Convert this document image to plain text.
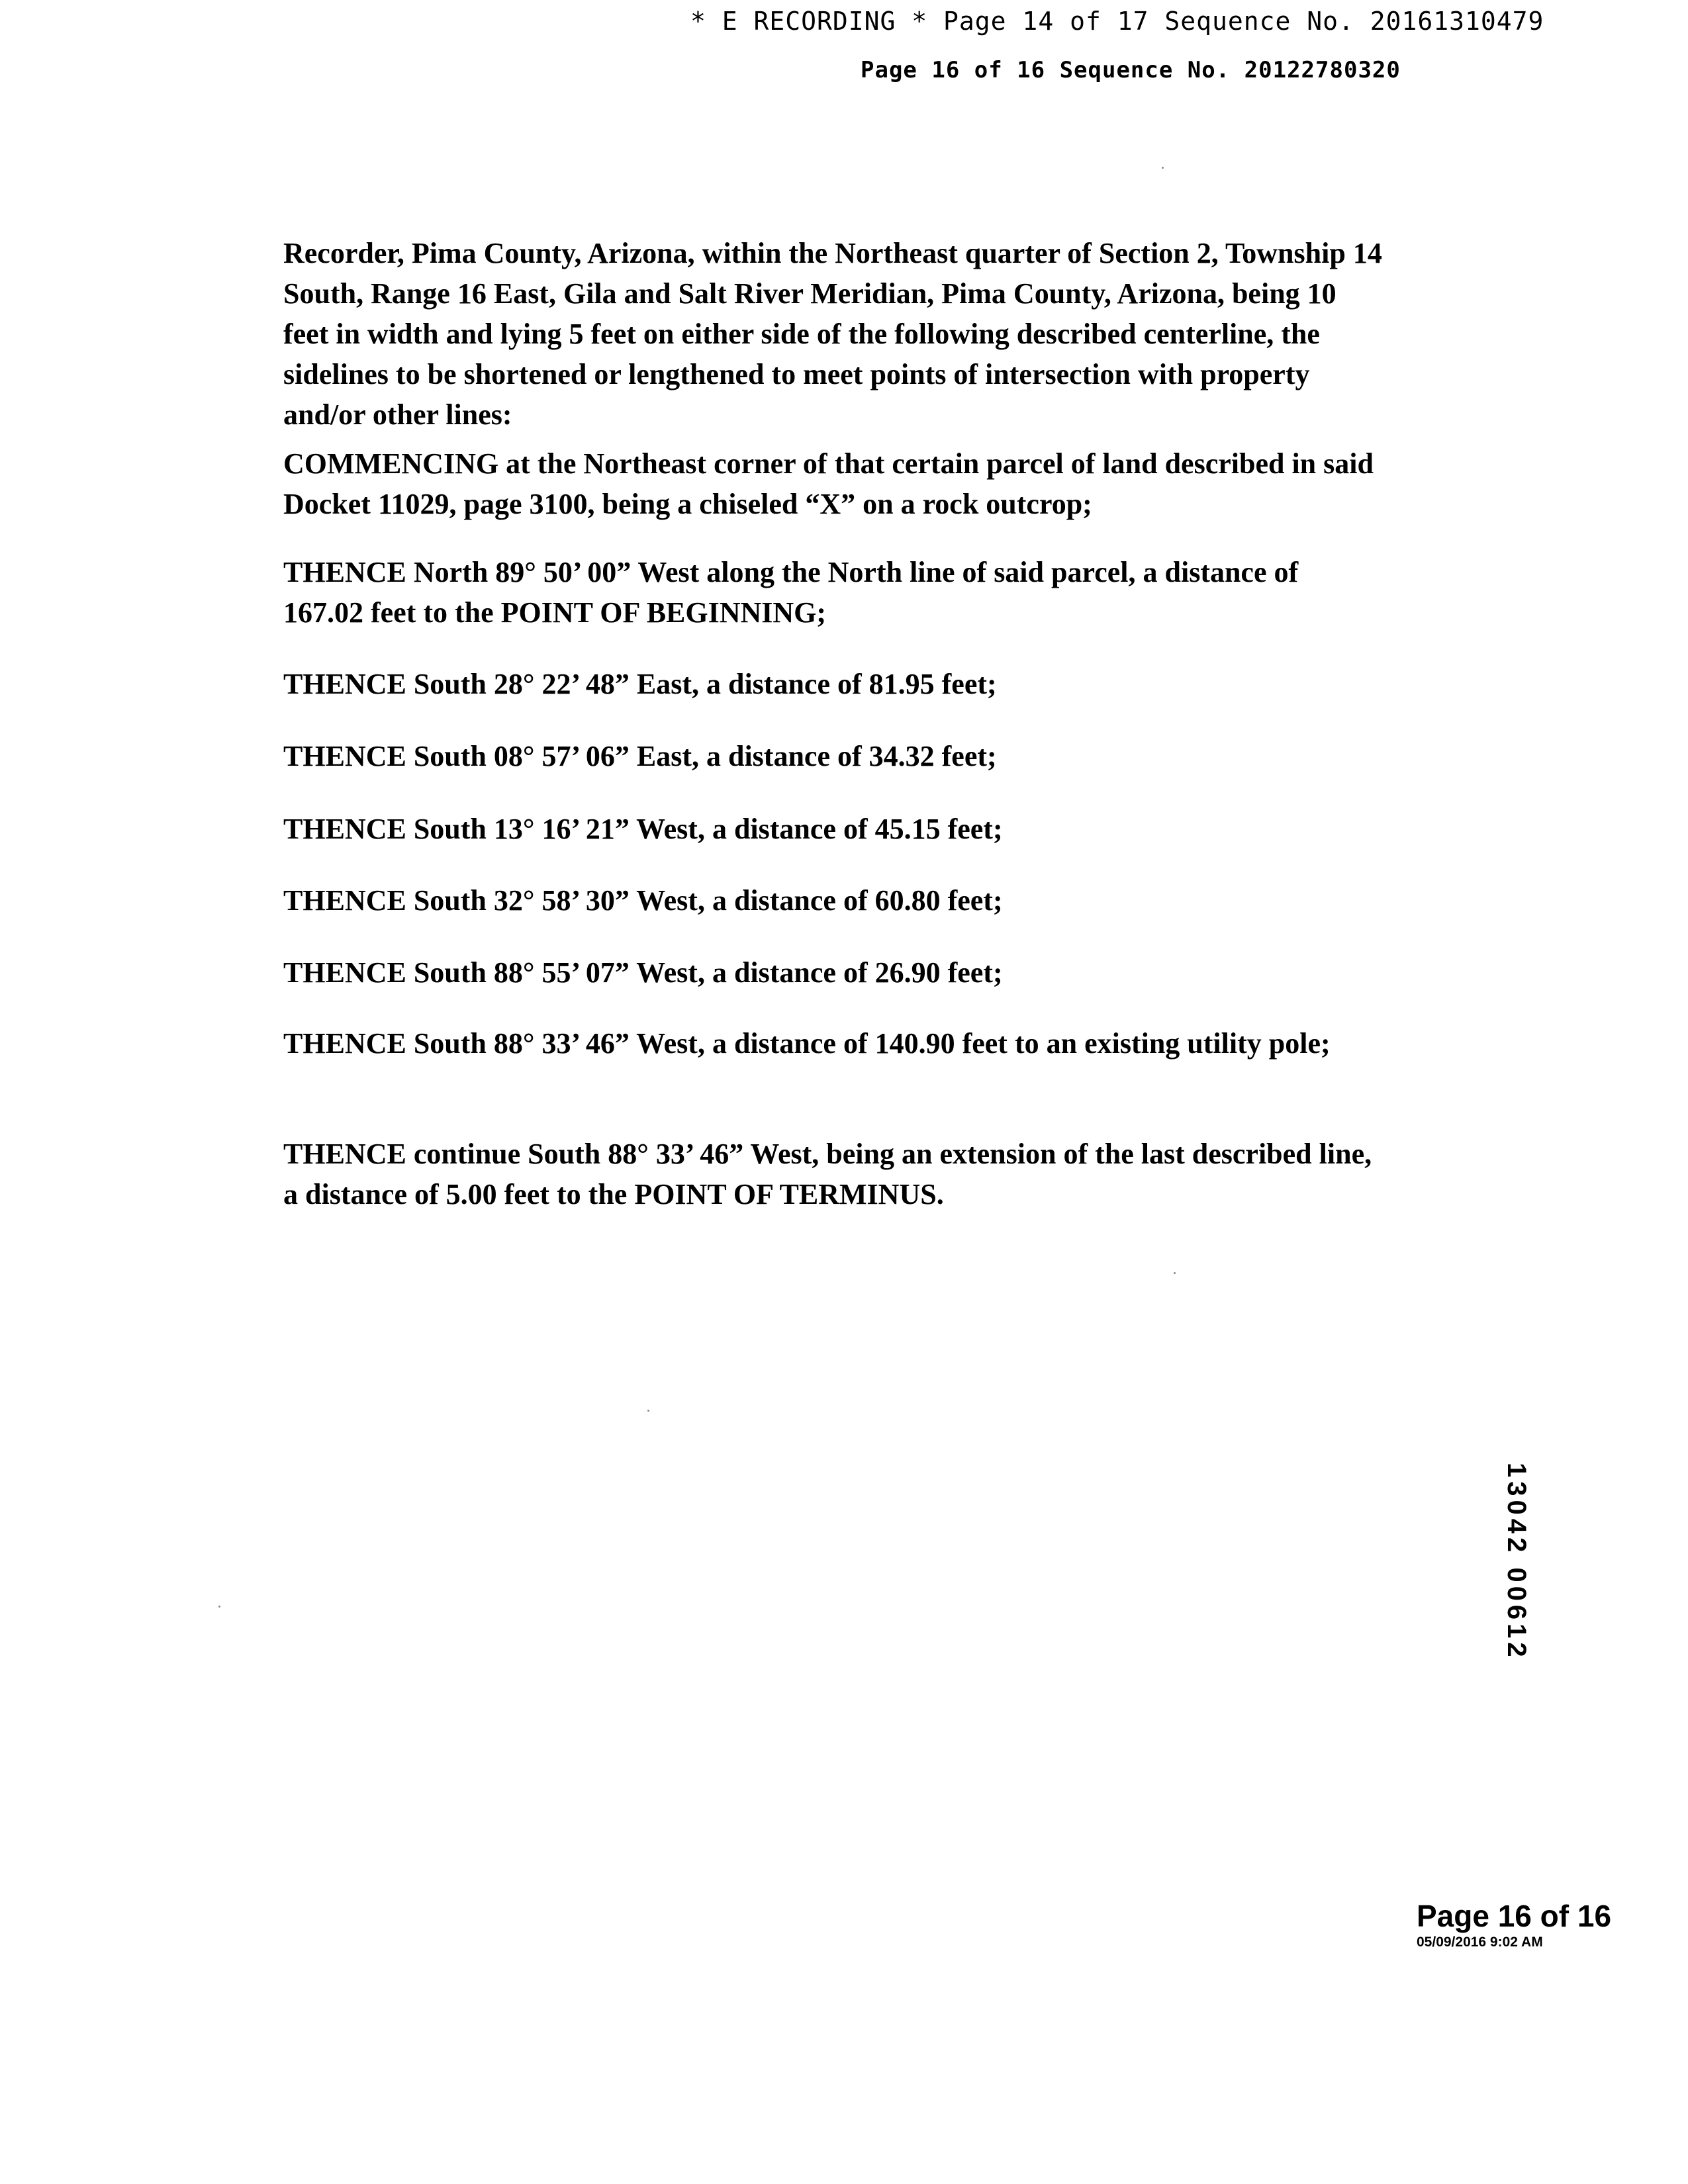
* E RECORDING * Page 14 of 17 Sequence No. 20161310479
Page 16 of 16 Sequence No. 20122780320

Recorder, Pima County, Arizona, within the Northeast quarter of Section 2, Township 14 South, Range 16 East, Gila and Salt River Meridian, Pima County, Arizona, being 10 feet in width and lying 5 feet on either side of the following described centerline, the sidelines to be shortened or lengthened to meet points of intersection with property and/or other lines:

COMMENCING at the Northeast corner of that certain parcel of land described in said Docket 11029, page 3100, being a chiseled “X” on a rock outcrop;

THENCE North 89° 50’ 00” West along the North line of said parcel, a distance of 167.02 feet to the POINT OF BEGINNING;

THENCE South 28° 22’ 48” East, a distance of 81.95 feet;

THENCE South 08° 57’ 06” East, a distance of 34.32 feet;

THENCE South 13° 16’ 21” West, a distance of 45.15 feet;

THENCE South 32° 58’ 30” West, a distance of 60.80 feet;

THENCE South 88° 55’ 07” West, a distance of 26.90 feet;

THENCE South 88° 33’ 46” West, a distance of 140.90 feet to an existing utility pole;

THENCE continue South 88° 33’ 46” West, being an extension of the last described line, a distance of 5.00 feet to the POINT OF TERMINUS.

13042 00612
Page 16 of 16
05/09/2016 9:02 AM
